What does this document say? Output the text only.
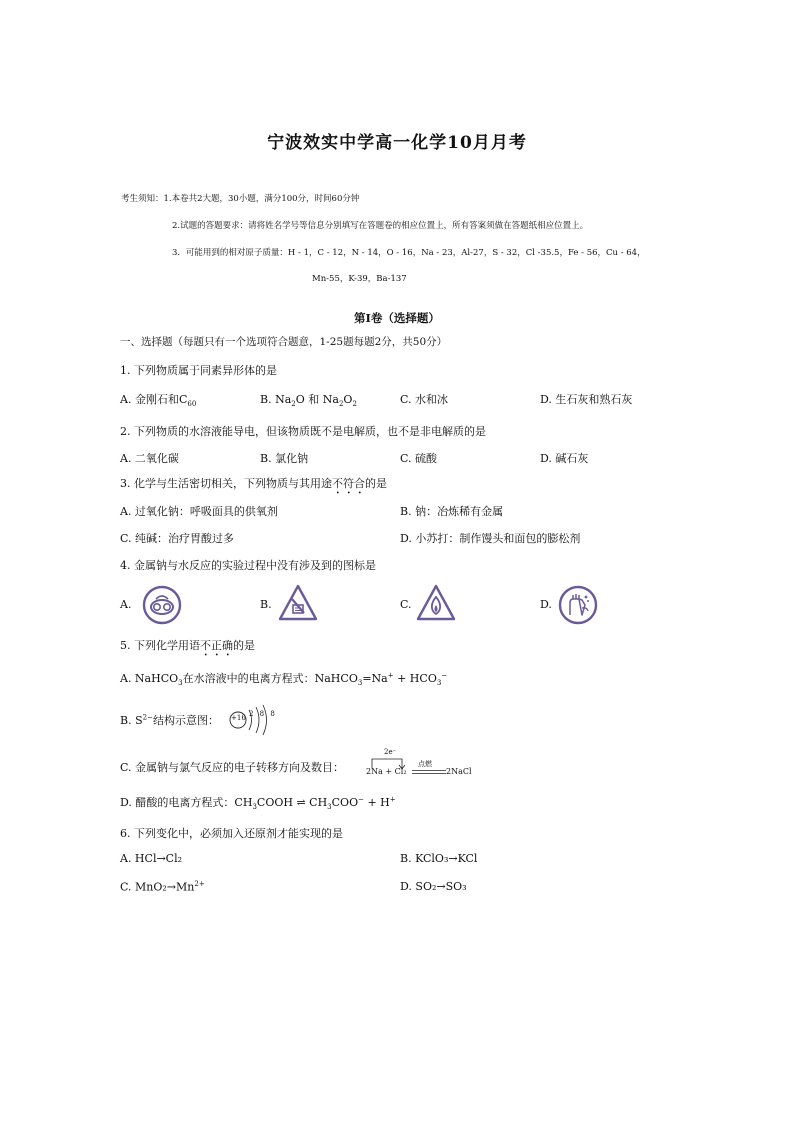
宁波效实中学高一化学10月月考
考生须知：1.本卷共2大题，30小题，满分100分，时间60分钟
2.试题的答题要求：请将姓名学号等信息分别填写在答题卷的相应位置上，所有答案须做在答题纸相应位置上。
3．可能用到的相对原子质量：H - 1，C - 12，N - 14，O - 16，Na - 23，Al-27，S - 32，Cl -35.5，Fe - 56，Cu - 64，
Mn-55，K-39，Ba-137
第Ⅰ卷（选择题）
一、选择题（每题只有一个选项符合题意，1-25题每题2分，共50分）
1. 下列物质属于同素异形体的是
A. 金刚石和$C_{60}$	B. $Na_2O$ 和 $Na_2O_2$	C. 水和冰	D. 生石灰和熟石灰
2. 下列物质的水溶液能导电，但该物质既不是电解质，也不是非电解质的是
A. 二氧化碳	B. 氯化钠	C. 硫酸	D. 碱石灰
3. 化学与生活密切相关，下列物质与其用途不符合的是
A. 过氧化钠：呼吸面具的供氧剂	B. 钠：冶炼稀有金属
C. 纯碱：治疗胃酸过多	D. 小苏打：制作馒头和面包的膨松剂
4. 金属钠与水反应的实验过程中没有涉及到的图标是
A.	B.	C.	D.
5. 下列化学用语不正确的是
A. NaHCO$_3$在水溶液中的电离方程式：NaHCO$_3$=Na+ + $HCO_3^-$
B. $S^{2-}$结构示意图： +16 2 8 8
C. 金属钠与氯气反应的电子转移方向及数目：
2e⁻
2Na + Cl₂
点燃
2NaCl
D. 醋酸的电离方程式：$CH_3COOH$ ⇌ $CH_3COO^- + H^+$
6. 下列变化中，必须加入还原剂才能实现的是
A. HCl→Cl₂	B. KClO₃→KCl
C. $MnO_2\to Mn^{2+}$	D. SO₂→SO₃
